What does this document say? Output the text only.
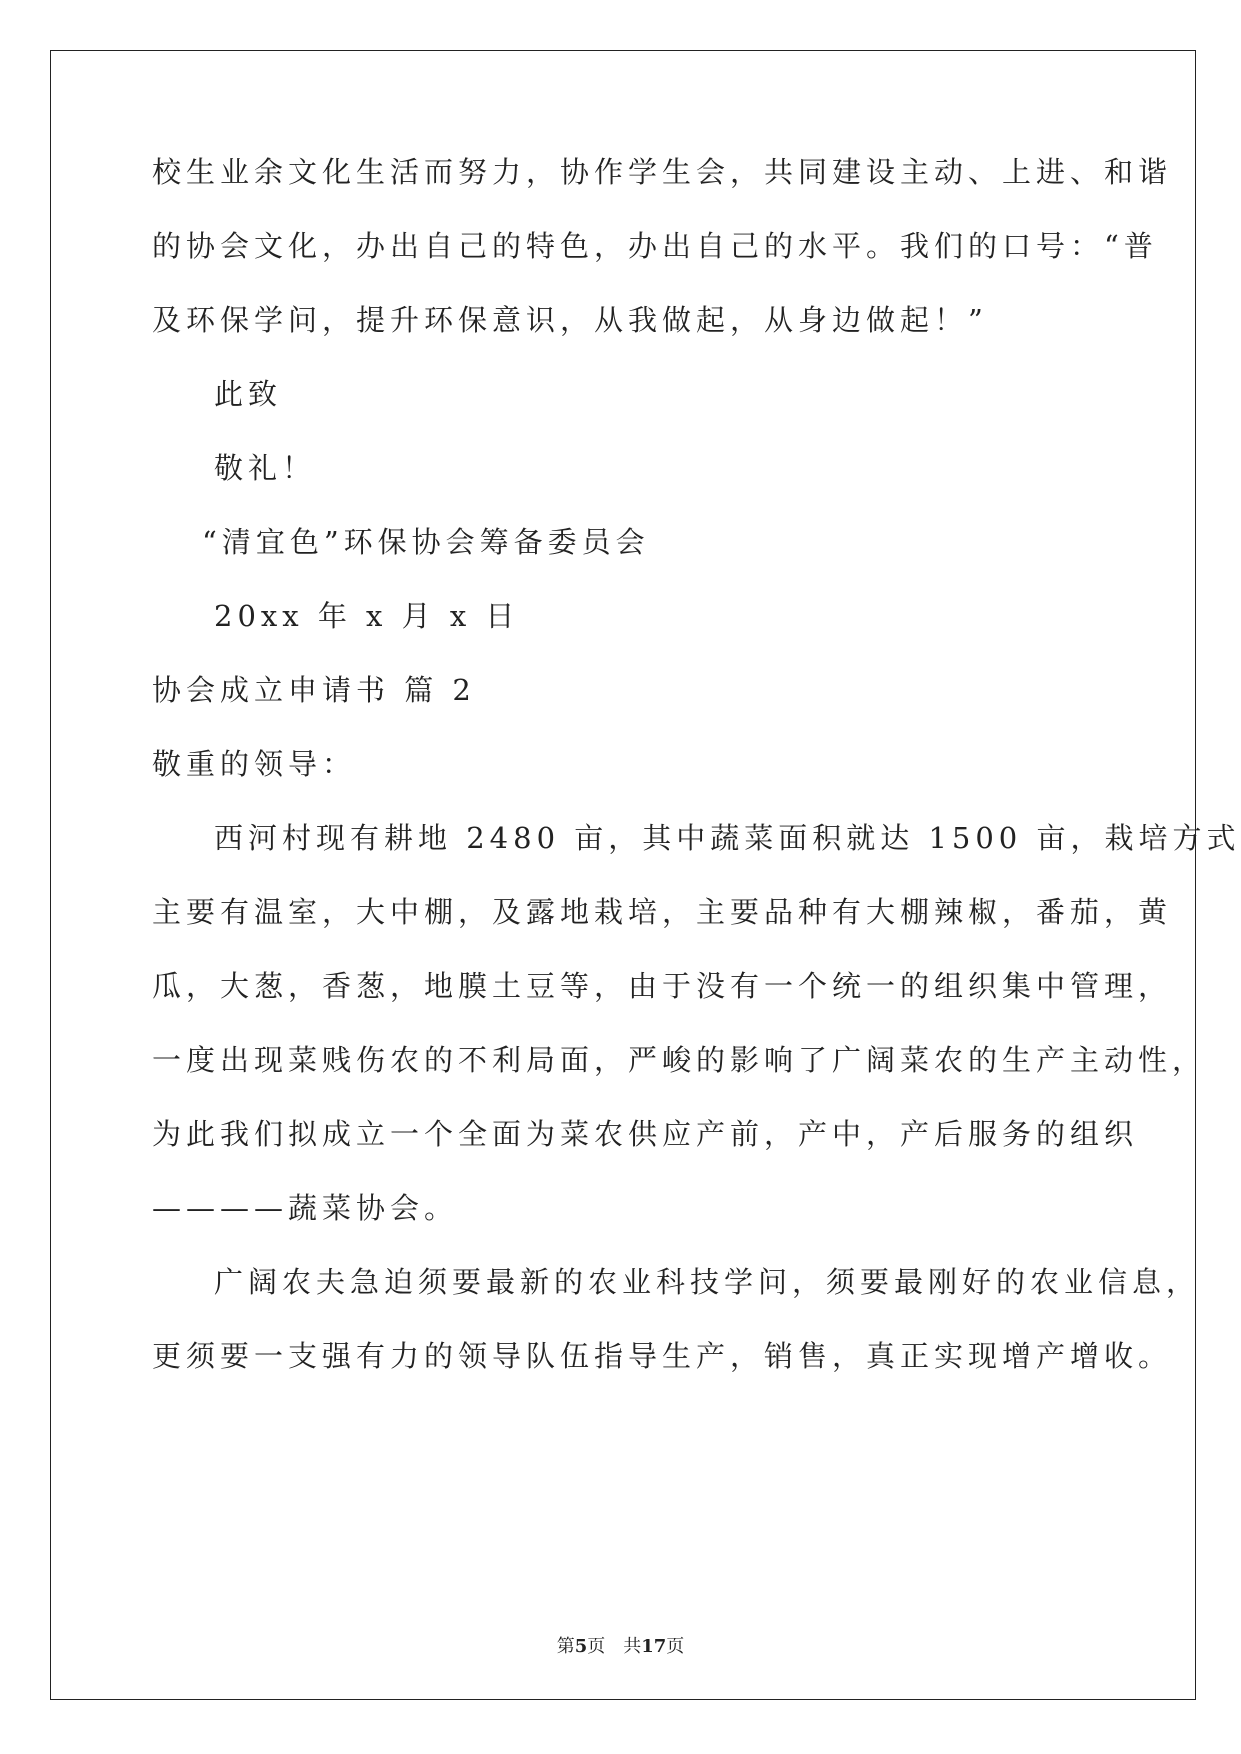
校生业余文化生活而努力，协作学生会，共同建设主动、上进、和谐
的协会文化，办出自己的特色，办出自己的水平。我们的口号：“普
及环保学问，提升环保意识，从我做起，从身边做起！”
此致
敬礼！
“清宜色”环保协会筹备委员会
20xx 年 x 月 x 日
协会成立申请书 篇 2
敬重的领导：
西河村现有耕地 2480 亩，其中蔬菜面积就达 1500 亩，栽培方式
主要有温室，大中棚，及露地栽培，主要品种有大棚辣椒，番茄，黄
瓜，大葱，香葱，地膜土豆等，由于没有一个统一的组织集中管理，
一度出现菜贱伤农的不利局面，严峻的影响了广阔菜农的生产主动性，
为此我们拟成立一个全面为菜农供应产前，产中，产后服务的组织
————蔬菜协会。
广阔农夫急迫须要最新的农业科技学问，须要最刚好的农业信息，
更须要一支强有力的领导队伍指导生产，销售，真正实现增产增收。
第5页　共17页
